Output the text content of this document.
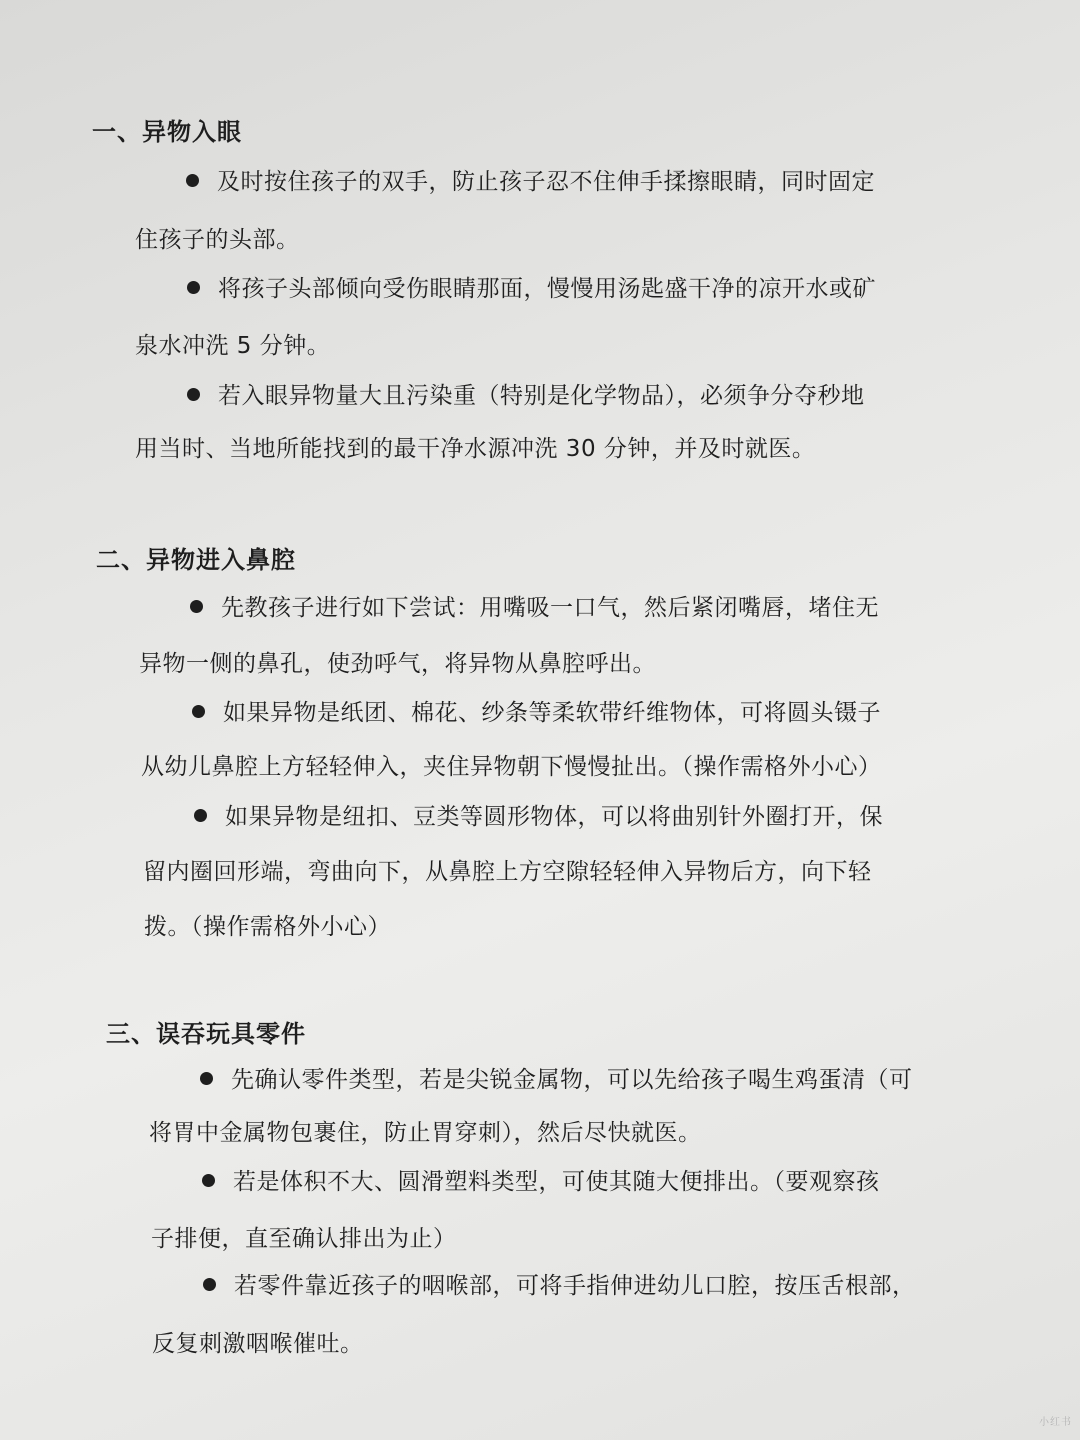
一、异物入眼
及时按住孩子的双手，防止孩子忍不住伸手揉擦眼睛，同时固定
住孩子的头部。
将孩子头部倾向受伤眼睛那面，慢慢用汤匙盛干净的凉开水或矿
泉水冲洗 5 分钟。
若入眼异物量大且污染重（特别是化学物品），必须争分夺秒地
用当时、当地所能找到的最干净水源冲洗 30 分钟，并及时就医。
二、异物进入鼻腔
先教孩子进行如下尝试：用嘴吸一口气，然后紧闭嘴唇，堵住无
异物一侧的鼻孔，使劲呼气，将异物从鼻腔呼出。
如果异物是纸团、棉花、纱条等柔软带纤维物体，可将圆头镊子
从幼儿鼻腔上方轻轻伸入，夹住异物朝下慢慢扯出。（操作需格外小心）
如果异物是纽扣、豆类等圆形物体，可以将曲别针外圈打开，保
留内圈回形端，弯曲向下，从鼻腔上方空隙轻轻伸入异物后方，向下轻
拨。（操作需格外小心）
三、误吞玩具零件
先确认零件类型，若是尖锐金属物，可以先给孩子喝生鸡蛋清（可
将胃中金属物包裹住，防止胃穿刺），然后尽快就医。
若是体积不大、圆滑塑料类型，可使其随大便排出。（要观察孩
子排便，直至确认排出为止）
若零件靠近孩子的咽喉部，可将手指伸进幼儿口腔，按压舌根部，
反复刺激咽喉催吐。
小红书
